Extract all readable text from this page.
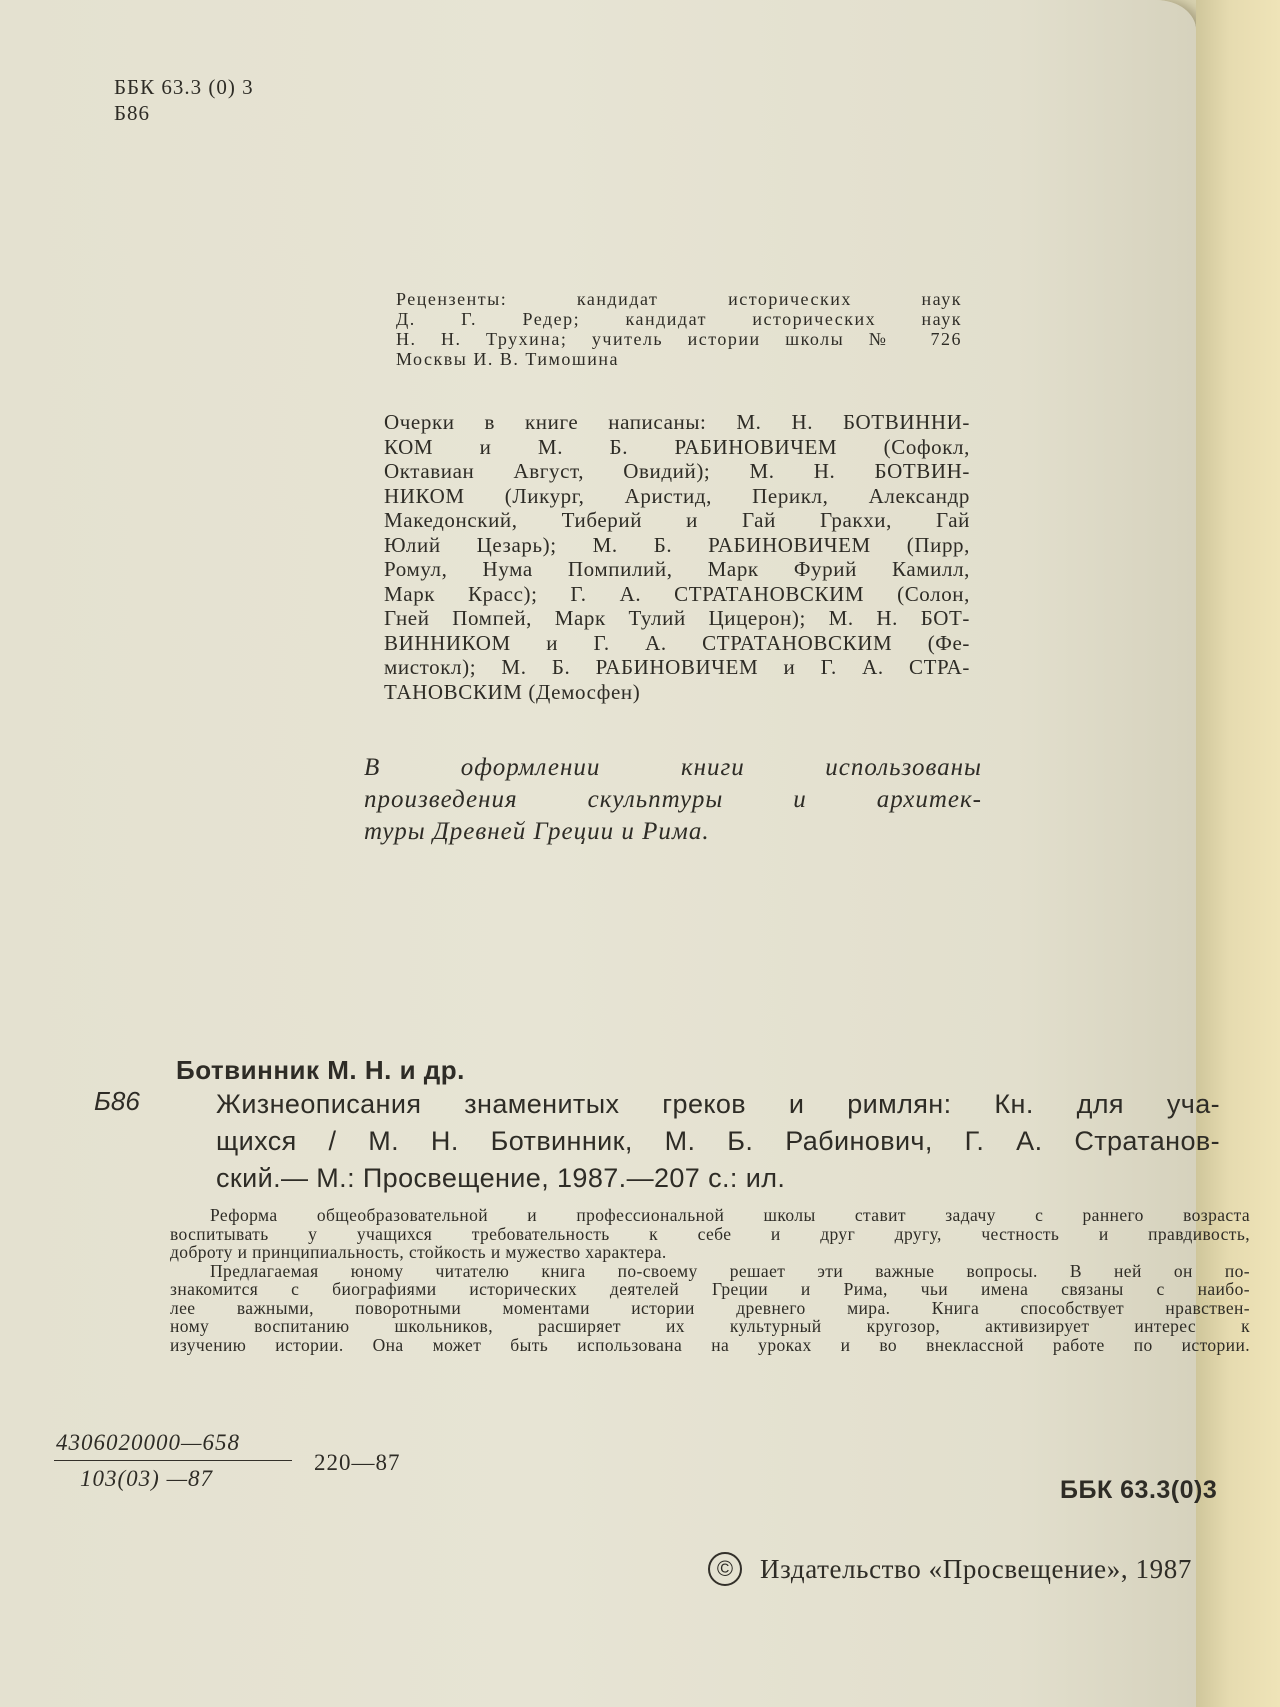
ББК 63.3 (0) 3
Б86
Рецензенты: кандидат исторических наук
Д. Г. Редер; кандидат исторических наук
Н. Н. Трухина; учитель истории школы № 726
Москвы И. В. Тимошина
Очерки в книге написаны: М. Н. БОТВИННИ-
КОМ и М. Б. РАБИНОВИЧЕМ (Софокл,
Октавиан Август, Овидий); М. Н. БОТВИН-
НИКОМ (Ликург, Аристид, Перикл, Александр
Македонский, Тиберий и Гай Гракхи, Гай
Юлий Цезарь); М. Б. РАБИНОВИЧЕМ (Пирр,
Ромул, Нума Помпилий, Марк Фурий Камилл,
Марк Красс); Г. А. СТРАТАНОВСКИМ (Солон,
Гней Помпей, Марк Тулий Цицерон); М. Н. БОТ-
ВИННИКОМ и Г. А. СТРАТАНОВСКИМ (Фе-
мистокл); М. Б. РАБИНОВИЧЕМ и Г. А. СТРА-
ТАНОВСКИМ (Демосфен)
В оформлении книги использованы
произведения скульптуры и архитек-
туры Древней Греции и Рима.
Ботвинник М. Н. и др.
Б86	Жизнеописания знаменитых греков и римлян: Кн. для уча-
щихся / М. Н. Ботвинник, М. Б. Рабинович, Г. А. Стратанов-
ский.— М.: Просвещение, 1987.—207 с.: ил.
Реформа общеобразовательной и профессиональной школы ставит задачу с раннего возраста
воспитывать у учащихся требовательность к себе и друг другу, честность и правдивость,
доброту и принципиальность, стойкость и мужество характера.
Предлагаемая юному читателю книга по-своему решает эти важные вопросы. В ней он по-
знакомится с биографиями исторических деятелей Греции и Рима, чьи имена связаны с наибо-
лее важными, поворотными моментами истории древнего мира. Книга способствует нравствен-
ному воспитанию школьников, расширяет их культурный кругозор, активизирует интерес к
изучению истории. Она может быть использована на уроках и во внеклассной работе по истории.
4306020000—658
103(03) —87
220—87
ББК 63.3(0)3
© Издательство «Просвещение», 1987
